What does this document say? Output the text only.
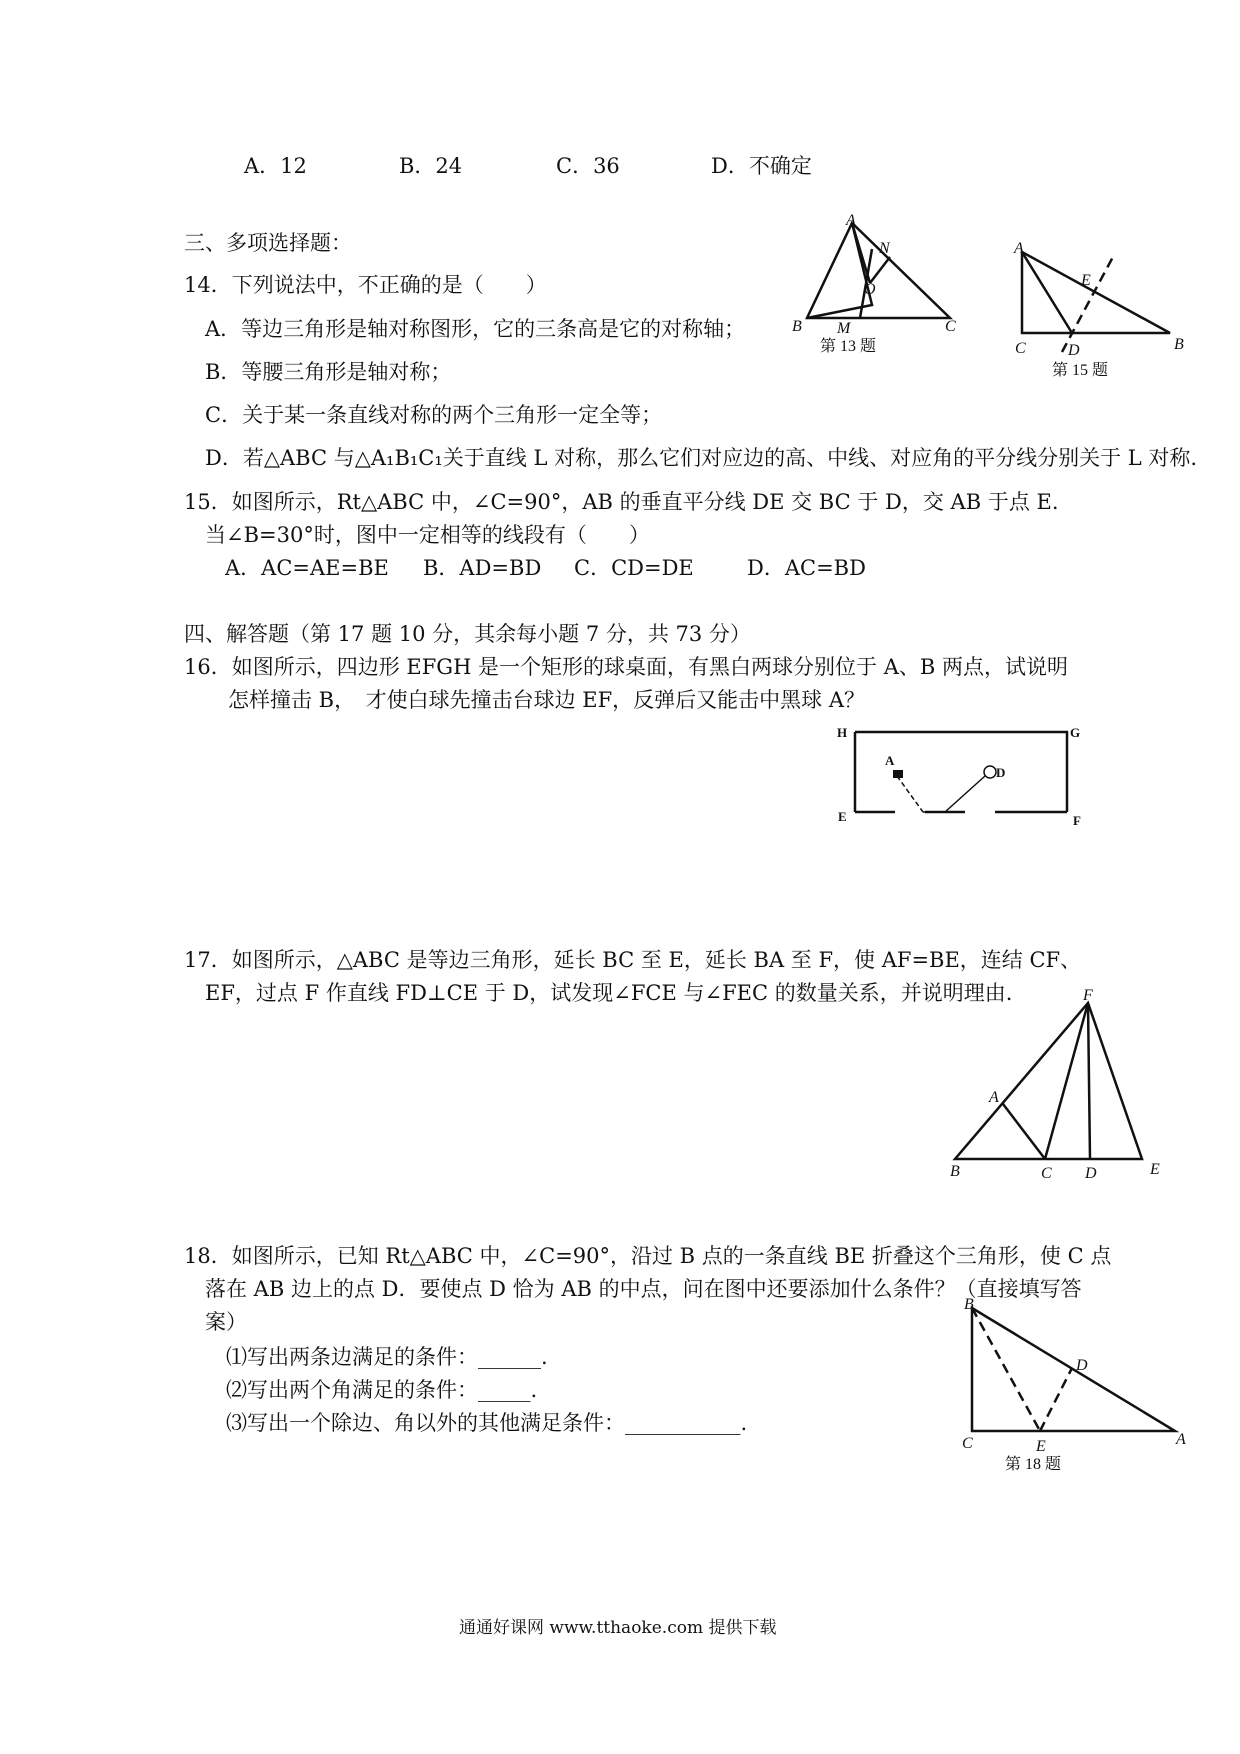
A．12	B．24	C．36	D．不确定
三、多项选择题：
14．下列说法中，不正确的是（　　）
A．等边三角形是轴对称图形，它的三条高是它的对称轴；
B．等腰三角形是轴对称；
C．关于某一条直线对称的两个三角形一定全等；
D．若△ABC 与△A₁B₁C₁关于直线 L 对称，那么它们对应边的高、中线、对应角的平分线分别关于 L 对称.
15．如图所示，Rt△ABC 中，∠C=90°，AB 的垂直平分线 DE 交 BC 于 D，交 AB 于点 E.
当∠B=30°时，图中一定相等的线段有（　　）
A．AC=AE=BE B．AD=BD C．CD=DE	D．AC=BD
四、解答题（第 17 题 10 分，其余每小题 7 分，共 73 分）
16．如图所示，四边形 EFGH 是一个矩形的球桌面，有黑白两球分别位于 A、B 两点，试说明
怎样撞击 B，　才使白球先撞击台球边 EF，反弹后又能击中黑球 A？
17．如图所示，△ABC 是等边三角形，延长 BC 至 E，延长 BA 至 F，使 AF=BE，连结 CF、
EF，过点 F 作直线 FD⊥CE 于 D，试发现∠FCE 与∠FEC 的数量关系，并说明理由.
18．如图所示，已知 Rt△ABC 中，∠C=90°，沿过 B 点的一条直线 BE 折叠这个三角形，使 C 点
落在 AB 边上的点 D．要使点 D 恰为 AB 的中点，问在图中还要添加什么条件？（直接填写答
案）
⑴写出两条边满足的条件：______.
⑵写出两个角满足的条件：_____.
⑶写出一个除边、角以外的其他满足条件：___________.
A
N
O
B M	C
第 13 题
A
E
C	D	B
第 15 题
H	G
A
D
E	F
F
A
B	C D	E
B
D
C	E	A
第 18 题
通通好课网 www.tthaoke.com 提供下载
